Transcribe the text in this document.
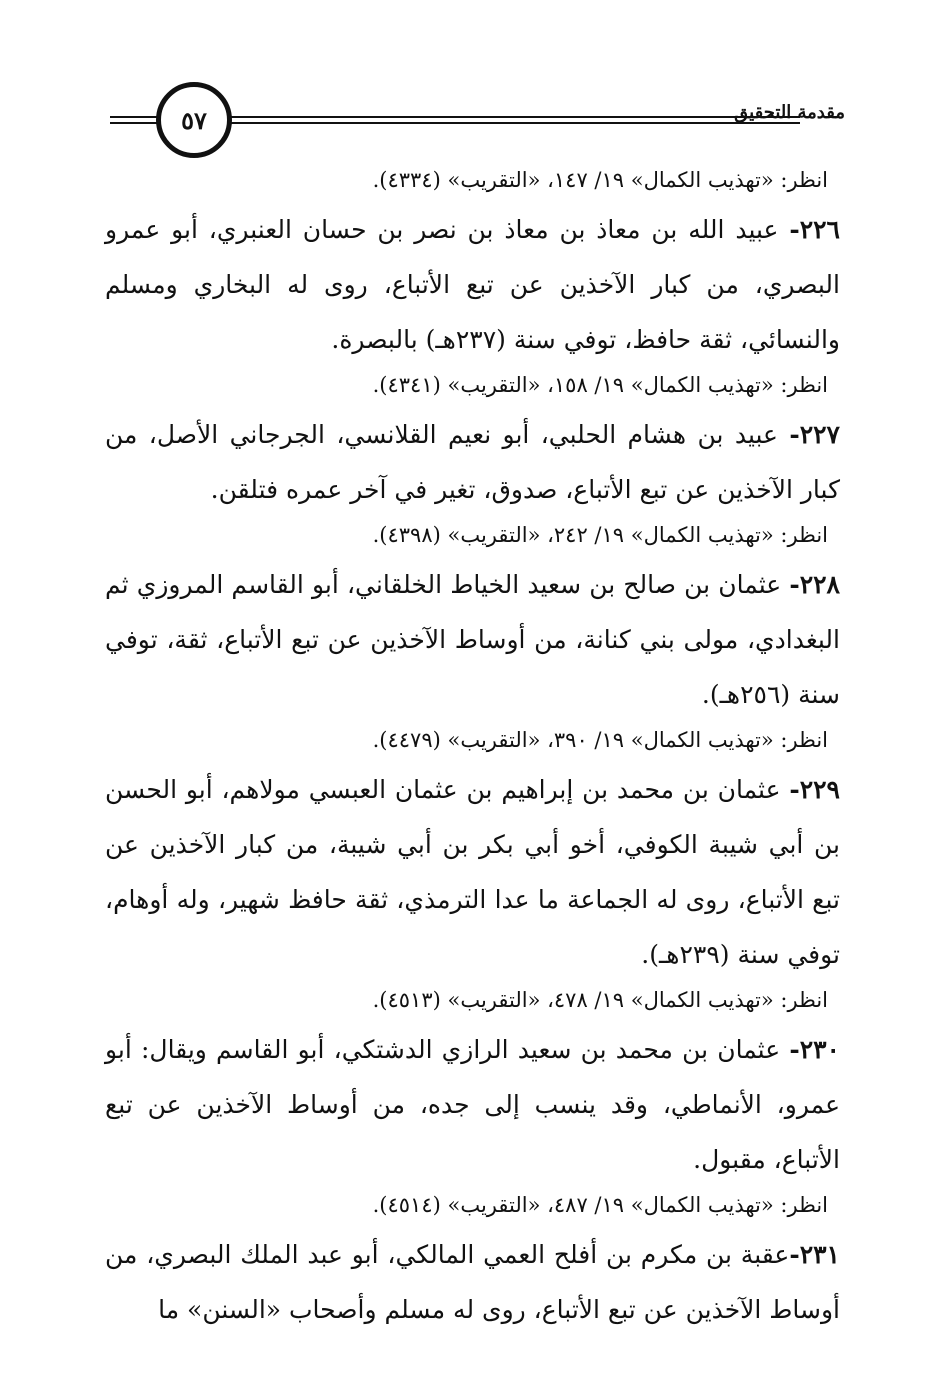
٥٧	مقدمة التحقيق

انظر: «تهذيب الكمال» ١٩/ ١٤٧، «التقريب» (٤٣٣٤).

٢٢٦- عبيد الله بن معاذ بن معاذ بن نصر بن حسان العنبري، أبو عمرو البصري، من كبار الآخذين عن تبع الأتباع، روى له البخاري ومسلم والنسائي، ثقة حافظ، توفي سنة (٢٣٧هـ) بالبصرة.

انظر: «تهذيب الكمال» ١٩/ ١٥٨، «التقريب» (٤٣٤١).

٢٢٧- عبيد بن هشام الحلبي، أبو نعيم القلانسي، الجرجاني الأصل، من كبار الآخذين عن تبع الأتباع، صدوق، تغير في آخر عمره فتلقن.

انظر: «تهذيب الكمال» ١٩/ ٢٤٢، «التقريب» (٤٣٩٨).

٢٢٨- عثمان بن صالح بن سعيد الخياط الخلقاني، أبو القاسم المروزي ثم البغدادي، مولى بني كنانة، من أوساط الآخذين عن تبع الأتباع، ثقة، توفي سنة (٢٥٦هـ).

انظر: «تهذيب الكمال» ١٩/ ٣٩٠، «التقريب» (٤٤٧٩).

٢٢٩- عثمان بن محمد بن إبراهيم بن عثمان العبسي مولاهم، أبو الحسن بن أبي شيبة الكوفي، أخو أبي بكر بن أبي شيبة، من كبار الآخذين عن تبع الأتباع، روى له الجماعة ما عدا الترمذي، ثقة حافظ شهير، وله أوهام، توفي سنة (٢٣٩هـ).

انظر: «تهذيب الكمال» ١٩/ ٤٧٨، «التقريب» (٤٥١٣).

٢٣٠- عثمان بن محمد بن سعيد الرازي الدشتكي، أبو القاسم ويقال: أبو عمرو، الأنماطي، وقد ينسب إلى جده، من أوساط الآخذين عن تبع الأتباع، مقبول.

انظر: «تهذيب الكمال» ١٩/ ٤٨٧، «التقريب» (٤٥١٤).

٢٣١-عقبة بن مكرم بن أفلح العمي المالكي، أبو عبد الملك البصري، من أوساط الآخذين عن تبع الأتباع، روى له مسلم وأصحاب «السنن» ما
